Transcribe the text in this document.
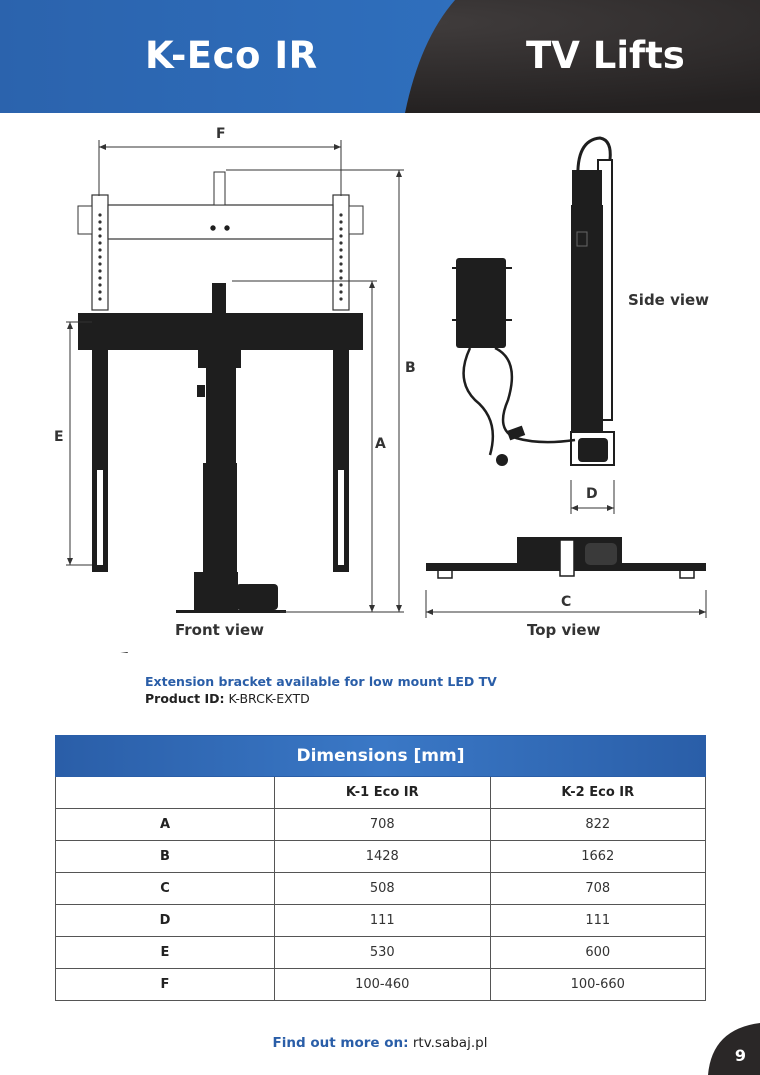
K-Eco IR	TV Lifts
F
B
A
E
D
C
Front view
Side view
Top view
Extension bracket available for low mount LED TV
Product ID: K-BRCK-EXTD
Dimensions [mm]		
	K-1 Eco IR	K-2 Eco IR
A	708	822
B	1428	1662
C	508	708
D	111	111
E	530	600
F	100-460	100-660
Find out more on: rtv.sabaj.pl
9
